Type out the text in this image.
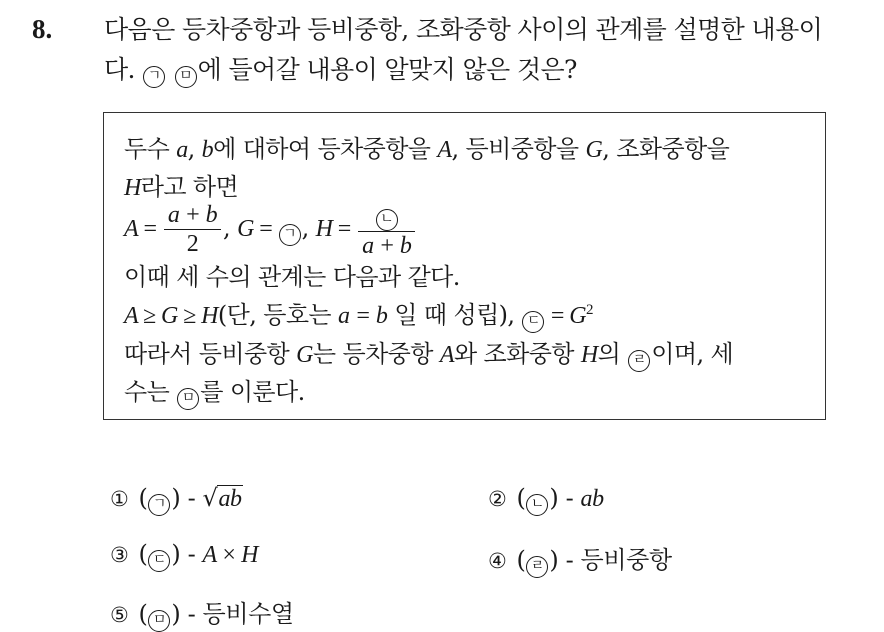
8. 다음은 등차중항과 등비중항, 조화중항 사이의 관계를 설명한 내용이
다. ㄱ ㅁ 에 들어갈 내용이 알맞지 않은 것은?
두수 a, b에 대하여 등차중항을 A, 등비중항을 G, 조화중항을
H라고 하면
$A = \frac{a + b}{2}$ , G = ㄱ , $H = \frac{\text{ㄴ}}{a + b}$
이때 세 수의 관계는 다음과 같다.
A ≥ G ≥ H(단, 등호는 a = b 일 때 성립), ㄷ = $G^2$
따라서 등비중항 G는 등차중항 A와 조화중항 H의 ㄹ 이며, 세
수는 ㅁ 를 이룬다.
① ( ㄱ ) - √ab	② ( ㄴ ) - ab
③ ( ㄷ ) - A × H	④ ( ㄹ ) - 등비중항
⑤ ( ㅁ ) - 등비수열
